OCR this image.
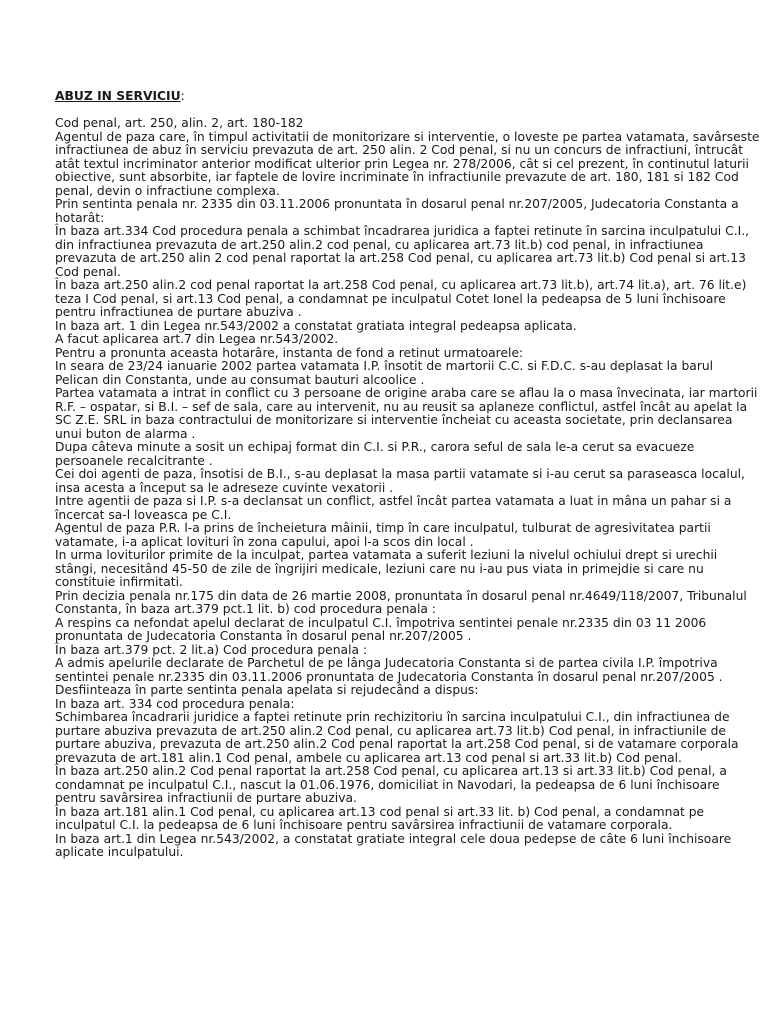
ABUZ IN SERVICIU:

Cod penal, art. 250, alin. 2, art. 180-182

Agentul de paza care, în timpul activitatii de monitorizare si interventie, o loveste pe partea vatamata, savârseste infractiunea de abuz în serviciu prevazuta de art. 250 alin. 2 Cod penal, si nu un concurs de infractiuni, întrucât atât textul incriminator anterior modificat ulterior prin Legea nr. 278/2006, cât si cel prezent, în continutul laturii obiective, sunt absorbite, iar faptele de lovire incriminate în infractiunile prevazute de art. 180, 181 si 182 Cod penal, devin o infractiune complexa.

Prin sentinta penala nr. 2335 din 03.11.2006 pronuntata în dosarul penal nr.207/2005, Judecatoria Constanta a hotarât:

În baza art.334 Cod procedura penala a schimbat încadrarea juridica a faptei retinute în sarcina inculpatului C.I., din infractiunea prevazuta de art.250 alin.2 cod penal, cu aplicarea art.73 lit.b) cod penal, in infractiunea prevazuta de art.250 alin 2 cod penal raportat la art.258 Cod penal, cu aplicarea art.73 lit.b) Cod penal si art.13 Cod penal.

În baza art.250 alin.2 cod penal raportat la art.258 Cod penal, cu aplicarea art.73 lit.b), art.74 lit.a), art. 76 lit.e) teza I Cod penal, si art.13 Cod penal, a condamnat pe inculpatul Cotet Ionel la pedeapsa de 5 luni închisoare pentru infractiunea de purtare abuziva .

In baza art. 1 din Legea nr.543/2002 a constatat gratiata integral pedeapsa aplicata.

A facut aplicarea art.7 din Legea nr.543/2002.

Pentru a pronunta aceasta hotarâre, instanta de fond a retinut urmatoarele:

In seara de 23/24 ianuarie 2002 partea vatamata I.P. însotit de martorii C.C. si F.D.C. s-au deplasat la barul Pelican din Constanta, unde au consumat bauturi alcoolice .

Partea vatamata a intrat in conflict cu 3 persoane de origine araba care se aflau la o masa învecinata, iar martorii R.F. – ospatar, si B.I. – sef de sala, care au intervenit, nu au reusit sa aplaneze conflictul, astfel încât au apelat la SC Z.E. SRL in baza contractului de monitorizare si interventie încheiat cu aceasta societate, prin declansarea unui buton de alarma .

Dupa câteva minute a sosit un echipaj format din C.I. si P.R., carora seful de sala le-a cerut sa evacueze persoanele recalcitrante .

Cei doi agenti de paza, însotisi de B.I., s-au deplasat la masa partii vatamate si i-au cerut sa paraseasca localul, insa acesta a început sa le adreseze cuvinte vexatorii .

Intre agentii de paza si I.P. s-a declansat un conflict, astfel încât partea vatamata a luat in mâna un pahar si a încercat sa-l loveasca pe C.I.

Agentul de paza P.R. l-a prins de încheietura mâinii, timp în care inculpatul, tulburat de agresivitatea partii vatamate, i-a aplicat lovituri în zona capului, apoi l-a scos din local .

In urma loviturilor primite de la inculpat, partea vatamata a suferit leziuni la nivelul ochiului drept si urechii stângi, necesitând 45-50 de zile de îngrijiri medicale, leziuni care nu i-au pus viata in primejdie si care nu constituie infirmitati.

Prin decizia penala nr.175 din data de 26 martie 2008, pronuntata în dosarul penal nr.4649/118/2007, Tribunalul Constanta, în baza art.379 pct.1 lit. b) cod procedura penala :

A respins ca nefondat apelul declarat de inculpatul C.I. împotriva sentintei penale nr.2335 din 03 11 2006 pronuntata de Judecatoria Constanta în dosarul penal nr.207/2005 .

În baza art.379 pct. 2 lit.a) Cod procedura penala :

A admis apelurile declarate de Parchetul de pe lânga Judecatoria Constanta si de partea civila I.P. împotriva sentintei penale nr.2335 din 03.11.2006 pronuntata de Judecatoria Constanta în dosarul penal nr.207/2005 .

Desfiinteaza în parte sentinta penala apelata si rejudecând a dispus:

In baza art. 334 cod procedura penala:

Schimbarea încadrarii juridice a faptei retinute prin rechizitoriu în sarcina inculpatului C.I., din infractiunea de purtare abuziva prevazuta de art.250 alin.2 Cod penal, cu aplicarea art.73 lit.b) Cod penal, in infractiunile de purtare abuziva, prevazuta de art.250 alin.2 Cod penal raportat la art.258 Cod penal, si de vatamare corporala prevazuta de art.181 alin.1 Cod penal, ambele cu aplicarea art.13 cod penal si art.33 lit.b) Cod penal.

În baza art.250 alin.2 Cod penal raportat la art.258 Cod penal, cu aplicarea art.13 si art.33 lit.b) Cod penal, a condamnat pe inculpatul C.I., nascut la 01.06.1976, domiciliat in Navodari, la pedeapsa de 6 luni închisoare pentru savârsirea infractiunii de purtare abuziva.

În baza art.181 alin.1 Cod penal, cu aplicarea art.13 cod penal si art.33 lit. b) Cod penal, a condamnat pe inculpatul C.I. la pedeapsa de 6 luni închisoare pentru savârsirea infractiunii de vatamare corporala.

In baza art.1 din Legea nr.543/2002, a constatat gratiate integral cele doua pedepse de câte 6 luni închisoare aplicate inculpatului.
